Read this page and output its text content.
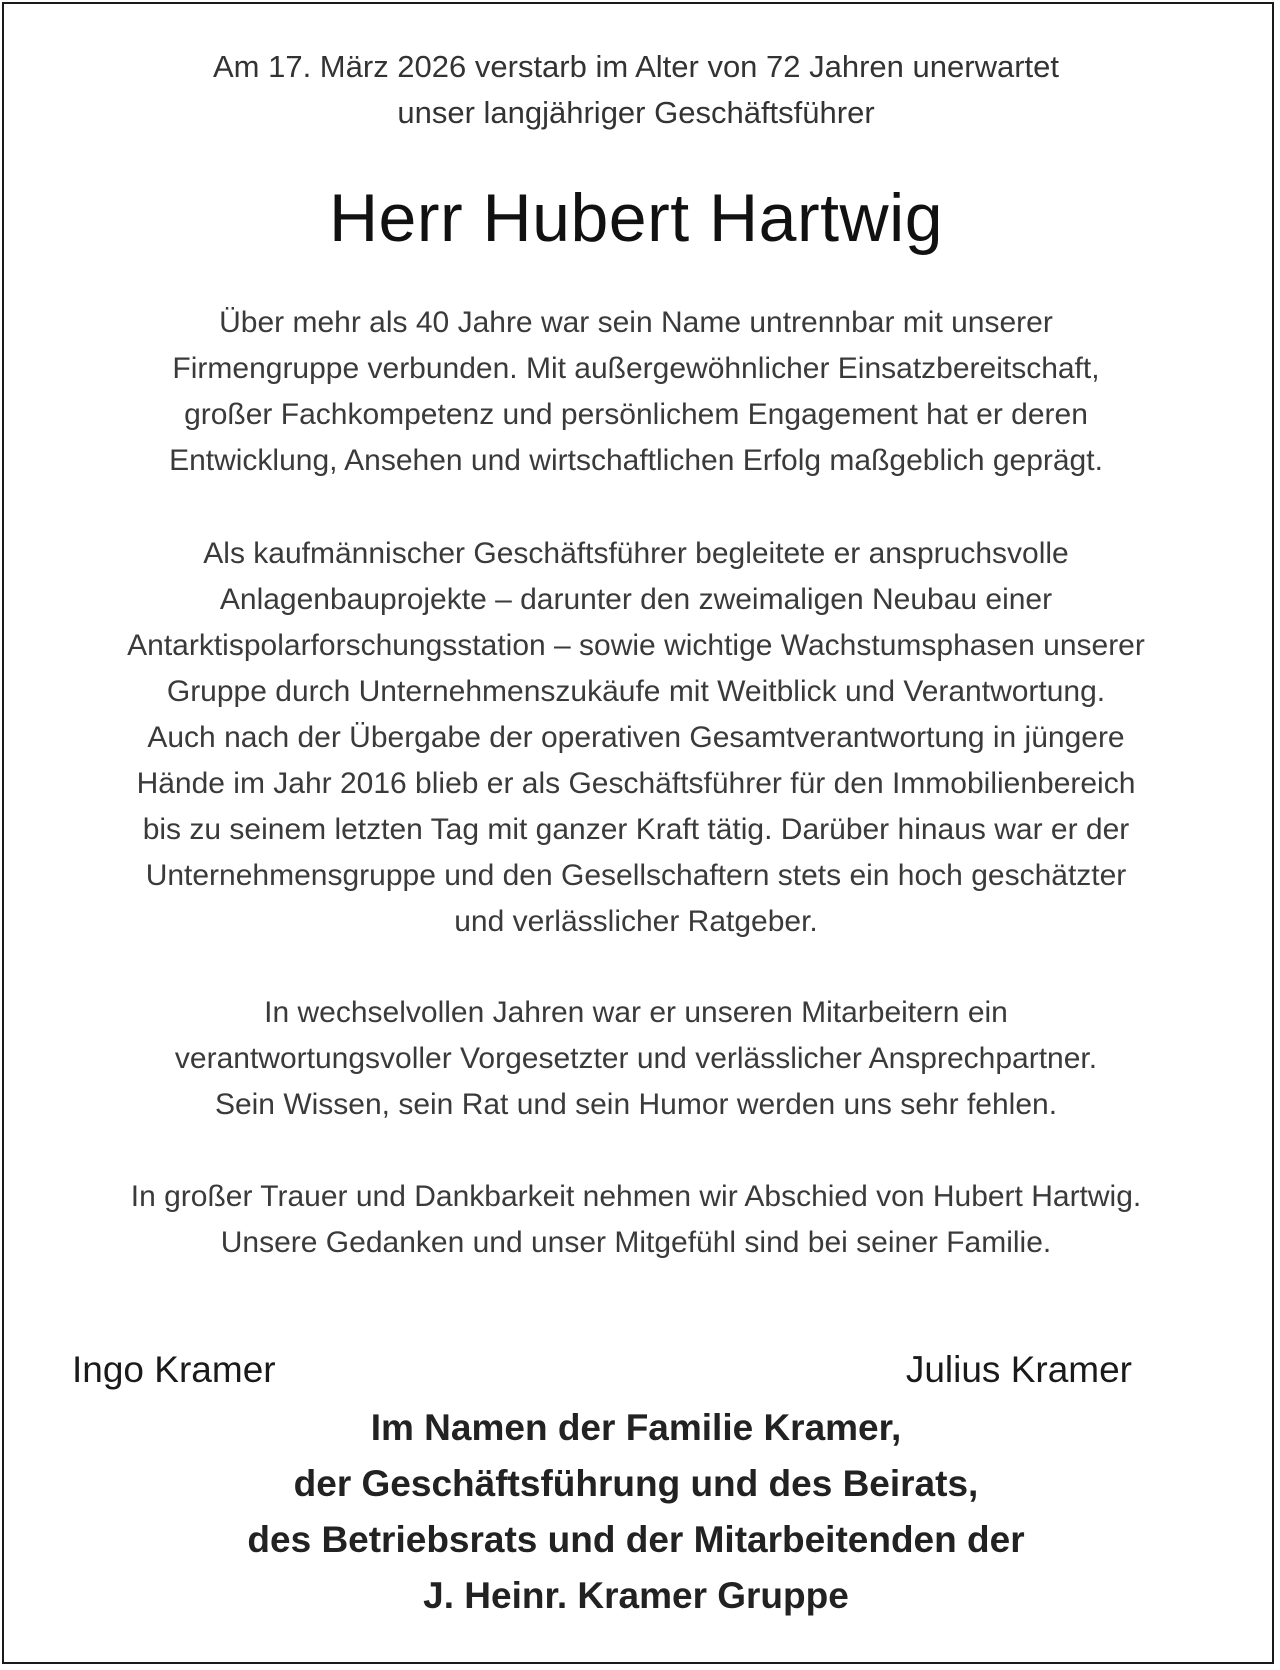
Am 17. März 2026 verstarb im Alter von 72 Jahren unerwartet
unser langjähriger Geschäftsführer
Herr Hubert Hartwig
Über mehr als 40 Jahre war sein Name untrennbar mit unserer
Firmengruppe verbunden. Mit außergewöhnlicher Einsatzbereitschaft,
großer Fachkompetenz und persönlichem Engagement hat er deren
Entwicklung, Ansehen und wirtschaftlichen Erfolg maßgeblich geprägt.
Als kaufmännischer Geschäftsführer begleitete er anspruchsvolle
Anlagenbauprojekte – darunter den zweimaligen Neubau einer
Antarktispolarforschungsstation – sowie wichtige Wachstumsphasen unserer
Gruppe durch Unternehmenszukäufe mit Weitblick und Verantwortung.
Auch nach der Übergabe der operativen Gesamtverantwortung in jüngere
Hände im Jahr 2016 blieb er als Geschäftsführer für den Immobilienbereich
bis zu seinem letzten Tag mit ganzer Kraft tätig. Darüber hinaus war er der
Unternehmensgruppe und den Gesellschaftern stets ein hoch geschätzter
und verlässlicher Ratgeber.
In wechselvollen Jahren war er unseren Mitarbeitern ein
verantwortungsvoller Vorgesetzter und verlässlicher Ansprechpartner.
Sein Wissen, sein Rat und sein Humor werden uns sehr fehlen.
In großer Trauer und Dankbarkeit nehmen wir Abschied von Hubert Hartwig.
Unsere Gedanken und unser Mitgefühl sind bei seiner Familie.
Ingo Kramer	Julius Kramer
Im Namen der Familie Kramer,
der Geschäftsführung und des Beirats,
des Betriebsrats und der Mitarbeitenden der
J. Heinr. Kramer Gruppe
